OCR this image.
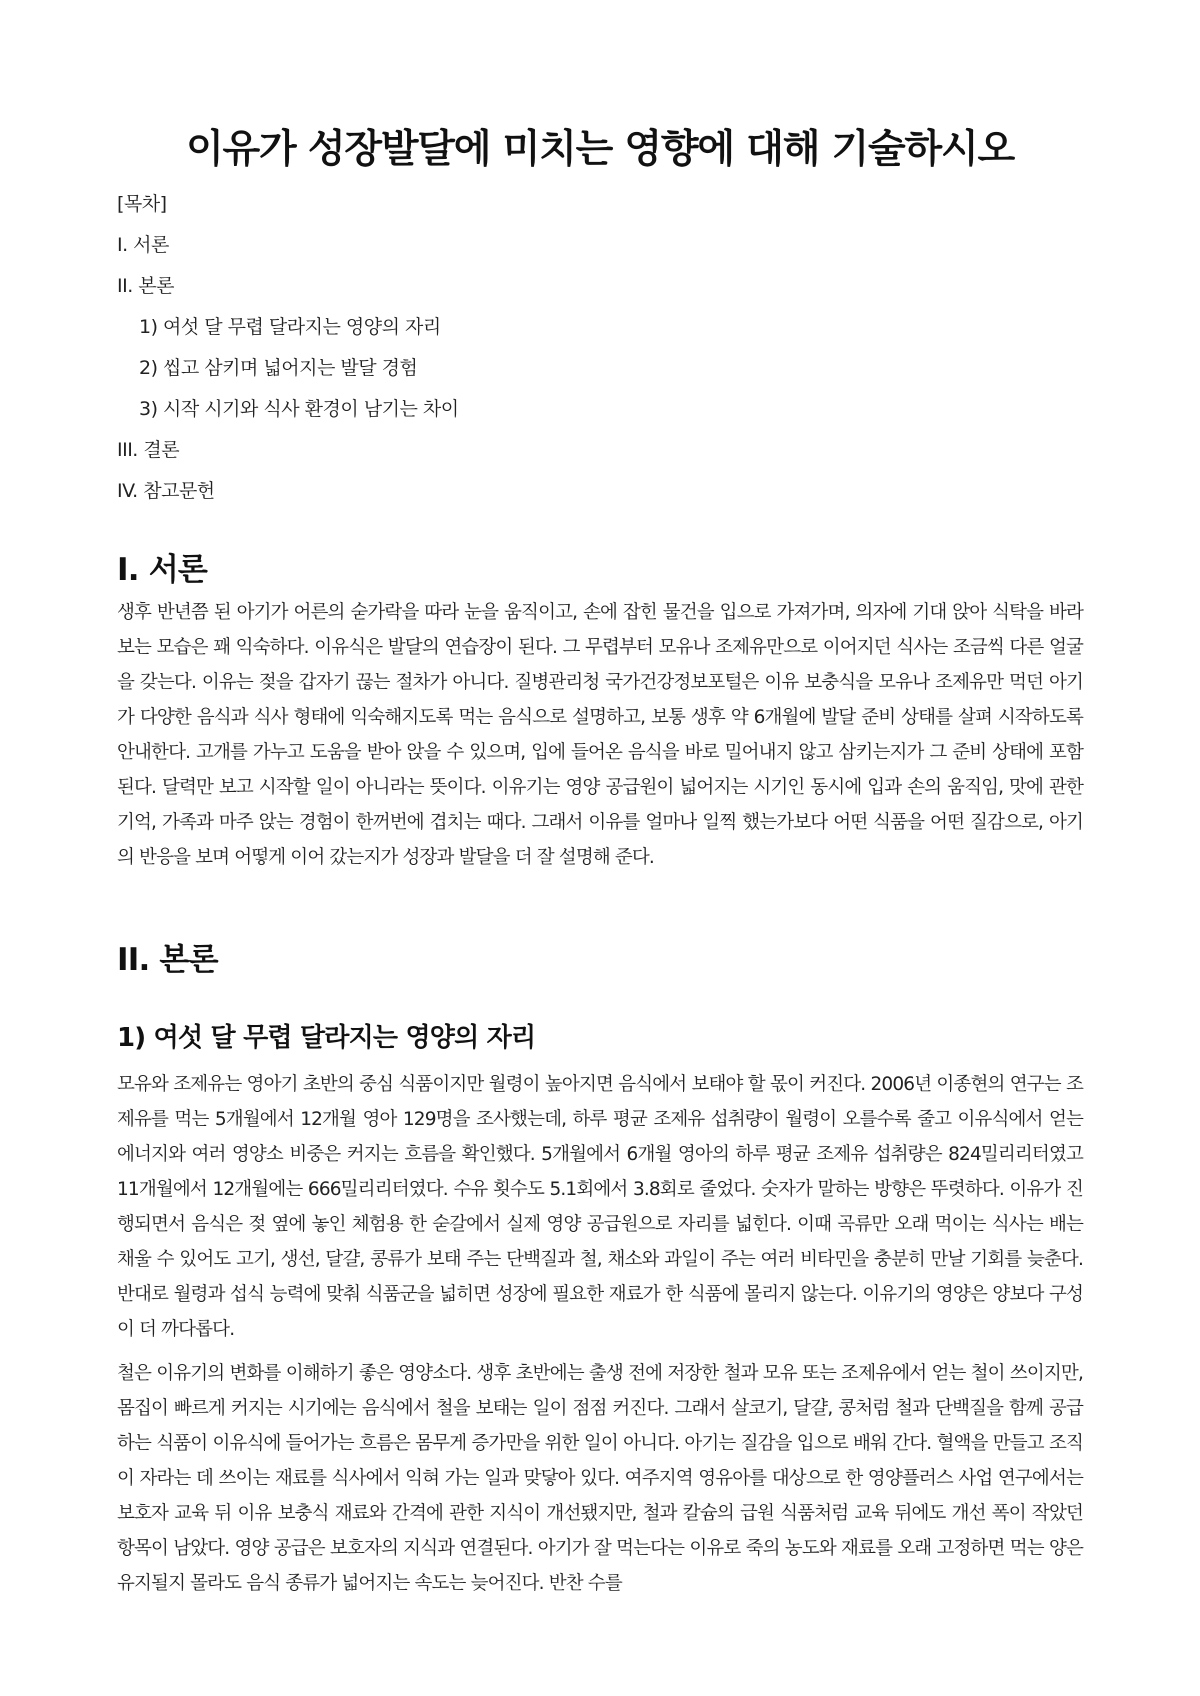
이유가 성장발달에 미치는 영향에 대해 기술하시오
[목차]
I. 서론
II. 본론
1) 여섯 달 무렵 달라지는 영양의 자리
2) 씹고 삼키며 넓어지는 발달 경험
3) 시작 시기와 식사 환경이 남기는 차이
III. 결론
IV. 참고문헌
I. 서론

생후 반년쯤 된 아기가 어른의 숟가락을 따라 눈을 움직이고, 손에 잡힌 물건을 입으로 가져가며, 의자에 기대 앉아 식탁을 바라보는 모습은 꽤 익숙하다. 이유식은 발달의 연습장이 된다. 그 무렵부터 모유나 조제유만으로 이어지던 식사는 조금씩 다른 얼굴을 갖는다. 이유는 젖을 갑자기 끊는 절차가 아니다. 질병관리청 국가건강정보포털은 이유 보충식을 모유나 조제유만 먹던 아기가 다양한 음식과 식사 형태에 익숙해지도록 먹는 음식으로 설명하고, 보통 생후 약 6개월에 발달 준비 상태를 살펴 시작하도록 안내한다. 고개를 가누고 도움을 받아 앉을 수 있으며, 입에 들어온 음식을 바로 밀어내지 않고 삼키는지가 그 준비 상태에 포함된다. 달력만 보고 시작할 일이 아니라는 뜻이다. 이유기는 영양 공급원이 넓어지는 시기인 동시에 입과 손의 움직임, 맛에 관한 기억, 가족과 마주 앉는 경험이 한꺼번에 겹치는 때다. 그래서 이유를 얼마나 일찍 했는가보다 어떤 식품을 어떤 질감으로, 아기의 반응을 보며 어떻게 이어 갔는지가 성장과 발달을 더 잘 설명해 준다.

II. 본론
1) 여섯 달 무렵 달라지는 영양의 자리

모유와 조제유는 영아기 초반의 중심 식품이지만 월령이 높아지면 음식에서 보태야 할 몫이 커진다. 2006년 이종현의 연구는 조제유를 먹는 5개월에서 12개월 영아 129명을 조사했는데, 하루 평균 조제유 섭취량이 월령이 오를수록 줄고 이유식에서 얻는 에너지와 여러 영양소 비중은 커지는 흐름을 확인했다. 5개월에서 6개월 영아의 하루 평균 조제유 섭취량은 824밀리리터였고 11개월에서 12개월에는 666밀리리터였다. 수유 횟수도 5.1회에서 3.8회로 줄었다. 숫자가 말하는 방향은 뚜렷하다. 이유가 진행되면서 음식은 젖 옆에 놓인 체험용 한 숟갈에서 실제 영양 공급원으로 자리를 넓힌다. 이때 곡류만 오래 먹이는 식사는 배는 채울 수 있어도 고기, 생선, 달걀, 콩류가 보태 주는 단백질과 철, 채소와 과일이 주는 여러 비타민을 충분히 만날 기회를 늦춘다. 반대로 월령과 섭식 능력에 맞춰 식품군을 넓히면 성장에 필요한 재료가 한 식품에 몰리지 않는다. 이유기의 영양은 양보다 구성이 더 까다롭다.

철은 이유기의 변화를 이해하기 좋은 영양소다. 생후 초반에는 출생 전에 저장한 철과 모유 또는 조제유에서 얻는 철이 쓰이지만, 몸집이 빠르게 커지는 시기에는 음식에서 철을 보태는 일이 점점 커진다. 그래서 살코기, 달걀, 콩처럼 철과 단백질을 함께 공급하는 식품이 이유식에 들어가는 흐름은 몸무게 증가만을 위한 일이 아니다. 아기는 질감을 입으로 배워 간다. 혈액을 만들고 조직이 자라는 데 쓰이는 재료를 식사에서 익혀 가는 일과 맞닿아 있다. 여주지역 영유아를 대상으로 한 영양플러스 사업 연구에서는 보호자 교육 뒤 이유 보충식 재료와 간격에 관한 지식이 개선됐지만, 철과 칼슘의 급원 식품처럼 교육 뒤에도 개선 폭이 작았던 항목이 남았다. 영양 공급은 보호자의 지식과 연결된다. 아기가 잘 먹는다는 이유로 죽의 농도와 재료를 오래 고정하면 먹는 양은 유지될지 몰라도 음식 종류가 넓어지는 속도는 늦어진다. 반찬 수를
